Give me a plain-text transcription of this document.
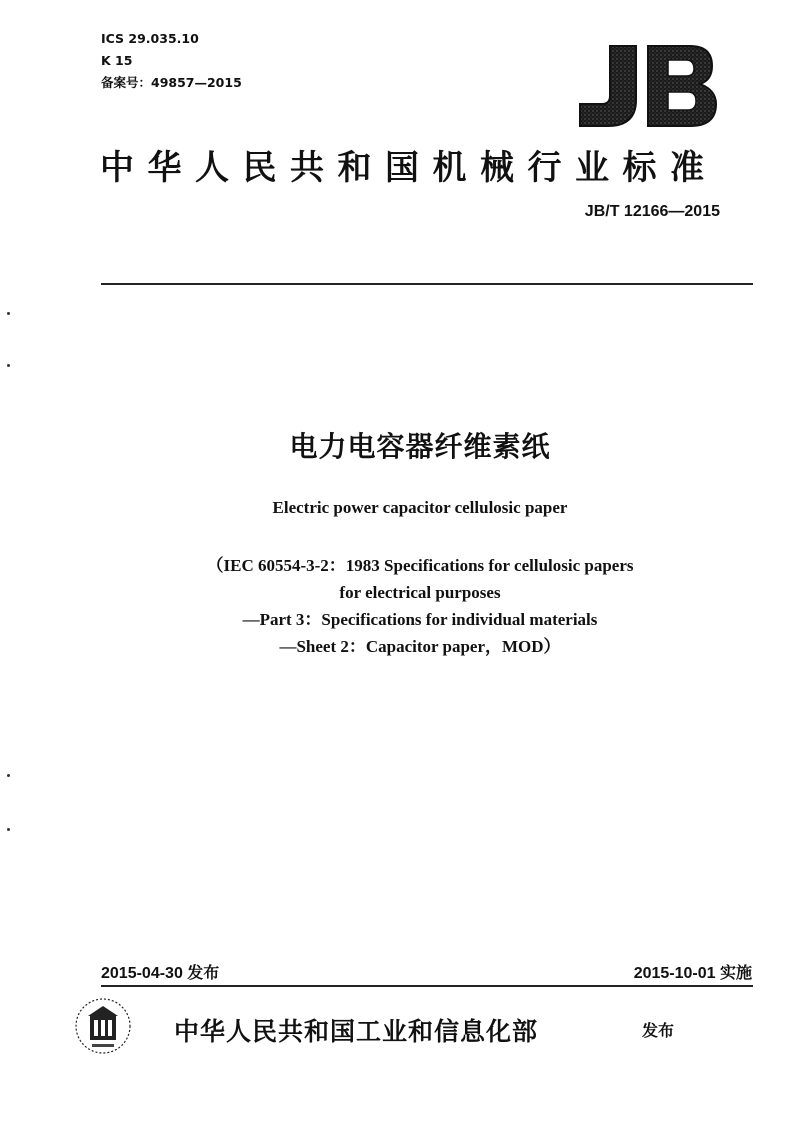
ICS 29.035.10
K 15
备案号：49857—2015
中华人民共和国机械行业标准
JB/T 12166—2015
电力电容器纤维素纸
Electric power capacitor cellulosic paper
（IEC 60554-3-2：1983 Specifications for cellulosic papers
for electrical purposes
—Part 3：Specifications for individual materials
—Sheet 2：Capacitor paper，MOD）
2015-04-30 发布	2015-10-01 实施
中华人民共和国工业和信息化部	发布
